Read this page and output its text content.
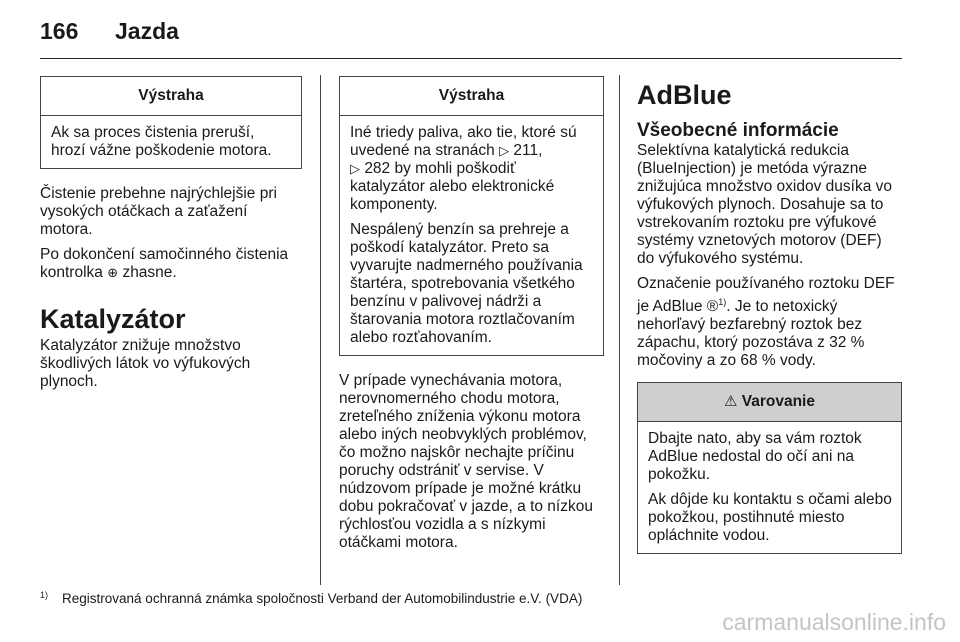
166 Jazda
Výstraha

Ak sa proces čistenia preruší, hrozí vážne poškodenie motora.

Čistenie prebehne najrýchlejšie pri vysokých otáčkach a zaťažení motora.

Po dokončení samočinného čistenia kontrolka ⊕ zhasne.

Katalyzátor

Katalyzátor znižuje množstvo škodlivých látok vo výfukových plynoch.

Výstraha

Iné triedy paliva, ako tie, ktoré sú uvedené na stranách ▷ 211,
▷ 282 by mohli poškodiť katalyzátor alebo elektronické komponenty.

Nespálený benzín sa prehreje a poškodí katalyzátor. Preto sa vyvarujte nadmerného používania štartéra, spotrebovania všetkého benzínu v palivovej nádrži a štarovania motora roztlačovaním alebo rozťahovaním.

V prípade vynechávania motora, nerovnomerného chodu motora, zreteľného zníženia výkonu motora alebo iných neobvyklých problémov, čo možno najskôr nechajte príčinu poruchy odstrániť v servise. V núdzovom prípade je možné krátku dobu pokračovať v jazde, a to nízkou rýchlosťou vozidla a s nízkymi otáčkami motora.

AdBlue
Všeobecné informácie

Selektívna katalytická redukcia (BlueInjection) je metóda výrazne znižujúca množstvo oxidov dusíka vo výfukových plynoch. Dosahuje sa to vstrekovaním roztoku pre výfukové systémy vznetových motorov (DEF) do výfukového systému.

Označenie používaného roztoku DEF je AdBlue ®$^{1)}$. Je to netoxický nehorľavý bezfarebný roztok bez zápachu, ktorý pozostáva z 32 % močoviny a zo 68 % vody.

⚠ Varovanie

Dbajte nato, aby sa vám roztok AdBlue nedostal do očí ani na pokožku.

Ak dôjde ku kontaktu s očami alebo pokožkou, postihnuté miesto opláchnite vodou.

$^{1)}$ Registrovaná ochranná známka spoločnosti Verband der Automobilindustrie e.V. (VDA)
carmanualsonline.info
